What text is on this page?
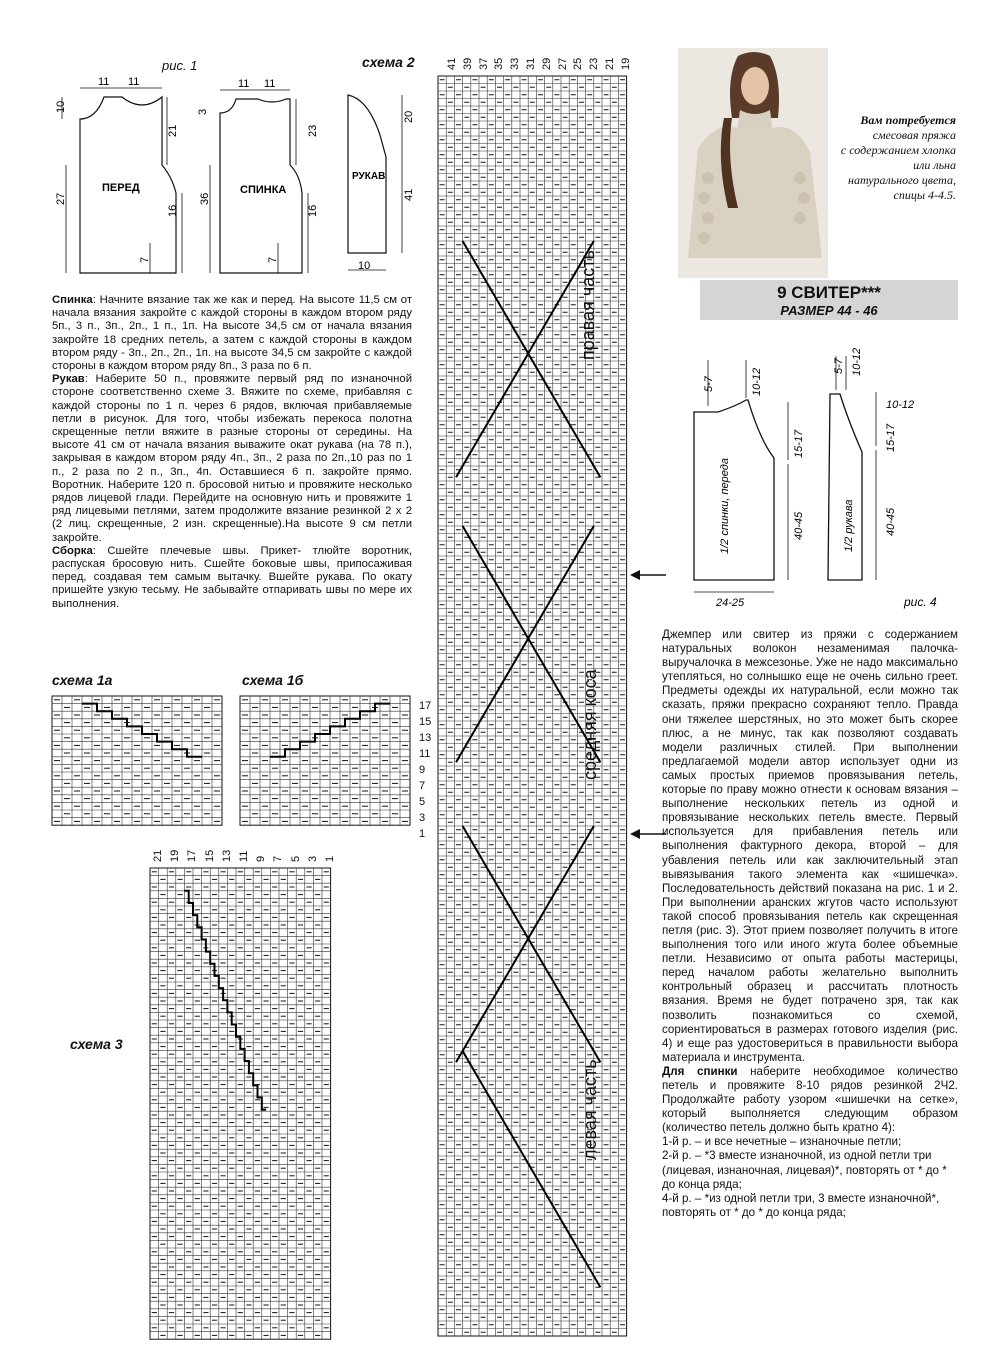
рис. 1	схема 2
11 11
10
27
21
16
7
ПЕРЕД
11 11
3
36
23
16
7
СПИНКА
20
41
10
РУКАВ

Спинка: Начните вязание так же как и перед. На высоте 11,5 см от начала вязания закройте с каждой стороны в каждом втором ряду 5п., 3 п., 3п., 2п., 1 п., 1п. На высоте 34,5 см от начала вязания закройте 18 средних петель, а затем с каждой стороны в каждом втором ряду - 3п., 2п., 2п., 1п. на высоте 34,5 см закройте с каждой стороны в каждом втором ряду 8п., 3 раза по 6 п.

Рукав: Наберите 50 п., провяжите первый ряд по изнаночной стороне соответственно схеме 3. Вяжите по схеме, прибавляя с каждой стороны по 1 п. через 6 рядов, включая прибавляемые петли в рисунок. Для того, чтобы избежать перекоса полотна скрещенные петли вяжите в разные стороны от середины. На высоте 41 см от начала вязания выважите окат рукава (на 78 п.), закрывая в каждом втором ряду 4п., 3п., 2 раза по 2п.,10 раз по 1 п., 2 раза по 2 п., 3п., 4п. Оставшиеся 6 п. закройте прямо. Воротник. Наберите 120 п. бросовой нитью и провяжите несколько рядов лицевой глади. Перейдите на основную нить и провяжите 1 ряд лицевыми петлями, затем продолжите вязание резинкой 2 х 2 (2 лиц. скрещенные, 2 изн. скрещенные).На высоте 9 см петли закройте.

Сборка: Сшейте плечевые швы. Прикет- тлюйте воротник, распуская бросовую нить. Сшейте боковые швы, припосаживая перед, создавая тем самым вытачку. Вшейте рукава. По окату пришейте узкую тесьму. Не забывайте отпаривать швы по мере их выполнения.

схема 1а	схема 1б
17
15
13
11
9
7
5
3
1
схема 3
21 19 17 15 13 11 9 7 5 3 1
41 39 37 35 33 31 29 27 25 23 21 19
правая часть
средняя коса
левая часть
Вам потребуется
смесовая пряжа
с содержанием хлопка
или льна
натурального цвета,
спицы 4-4.5.
9 СВИТЕР***
РАЗМЕР 44 - 46
5-7	10-12
15-17
40-45
24-25
1/2 спинки, переда
5-7 10-12
10-12
15-17
40-45
1/2 рукава
рис. 4

Джемпер или свитер из пряжи с содержанием натуральных волокон незаменимая палочка-выручалочка в межсезонье. Уже не надо максимально утепляться, но солнышко еще не очень сильно греет. Предметы одежды их натуральной, если можно так сказать, пряжи прекрасно сохраняют тепло. Правда они тяжелее шерстяных, но это может быть скорее плюс, а не минус, так как позволяют создавать модели различных стилей. При выполнении предлагаемой модели автор использует одни из самых простых приемов провязывания петель, которые по праву можно отнести к основам вязания – выполнение нескольких петель из одной и провязывание нескольких петель вместе. Первый используется для прибавления петель или выполнения фактурного декора, второй – для убавления петель или как заключительный этап вывязывания такого элемента как «шишечка». Последовательность действий показана на рис. 1 и 2. При выполнении аранских жгутов часто используют такой способ провязывания петель как скрещенная петля (рис. 3). Этот прием позволяет получить в итоге выполнения того или иного жгута более объемные петли. Независимо от опыта работы мастерицы, перед началом работы желательно выполнить контрольный образец и рассчитать плотность вязания. Время не будет потрачено зря, так как позволить познакомиться со схемой, сориентироваться в размерах готового изделия (рис. 4) и еще раз удостовериться в правильности выбора материала и инструмента.

Для спинки наберите необходимое количество петель и провяжите 8-10 рядов резинкой 2Ч2. Продолжайте работу узором «шишечки на сетке», который выполняется следующим образом (количество петель должно быть кратно 4):

1-й р. – и все нечетные – изнаночные петли;

2-й р. – *3 вместе изнаночной, из одной петли три (лицевая, изнаночная, лицевая)*, повторять от * до * до конца ряда;

4-й р. – *из одной петли три, 3 вместе изнаночной*, повторять от * до * до конца ряда;
